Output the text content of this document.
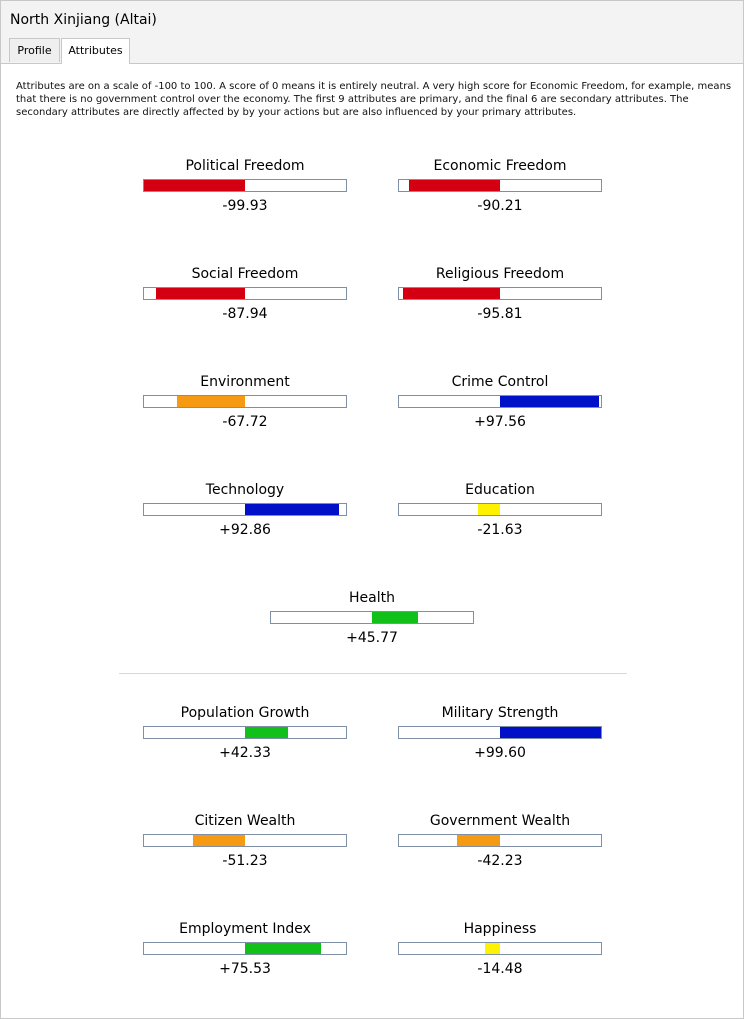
North Xinjiang (Altai)
Profile	Attributes
Attributes are on a scale of -100 to 100. A score of 0 means it is entirely neutral. A very high score for Economic Freedom, for example, means that there is no government control over the economy. The first 9 attributes are primary, and the final 6 are secondary attributes. The secondary attributes are directly affected by by your actions but are also influenced by your primary attributes.
Political Freedom
-99.93
Economic Freedom
-90.21
Social Freedom
-87.94
Religious Freedom
-95.81
Environment
-67.72
Crime Control
+97.56
Technology
+92.86
Education
-21.63
Health
+45.77
Population Growth
+42.33
Military Strength
+99.60
Citizen Wealth
-51.23
Government Wealth
-42.23
Employment Index
+75.53
Happiness
-14.48
